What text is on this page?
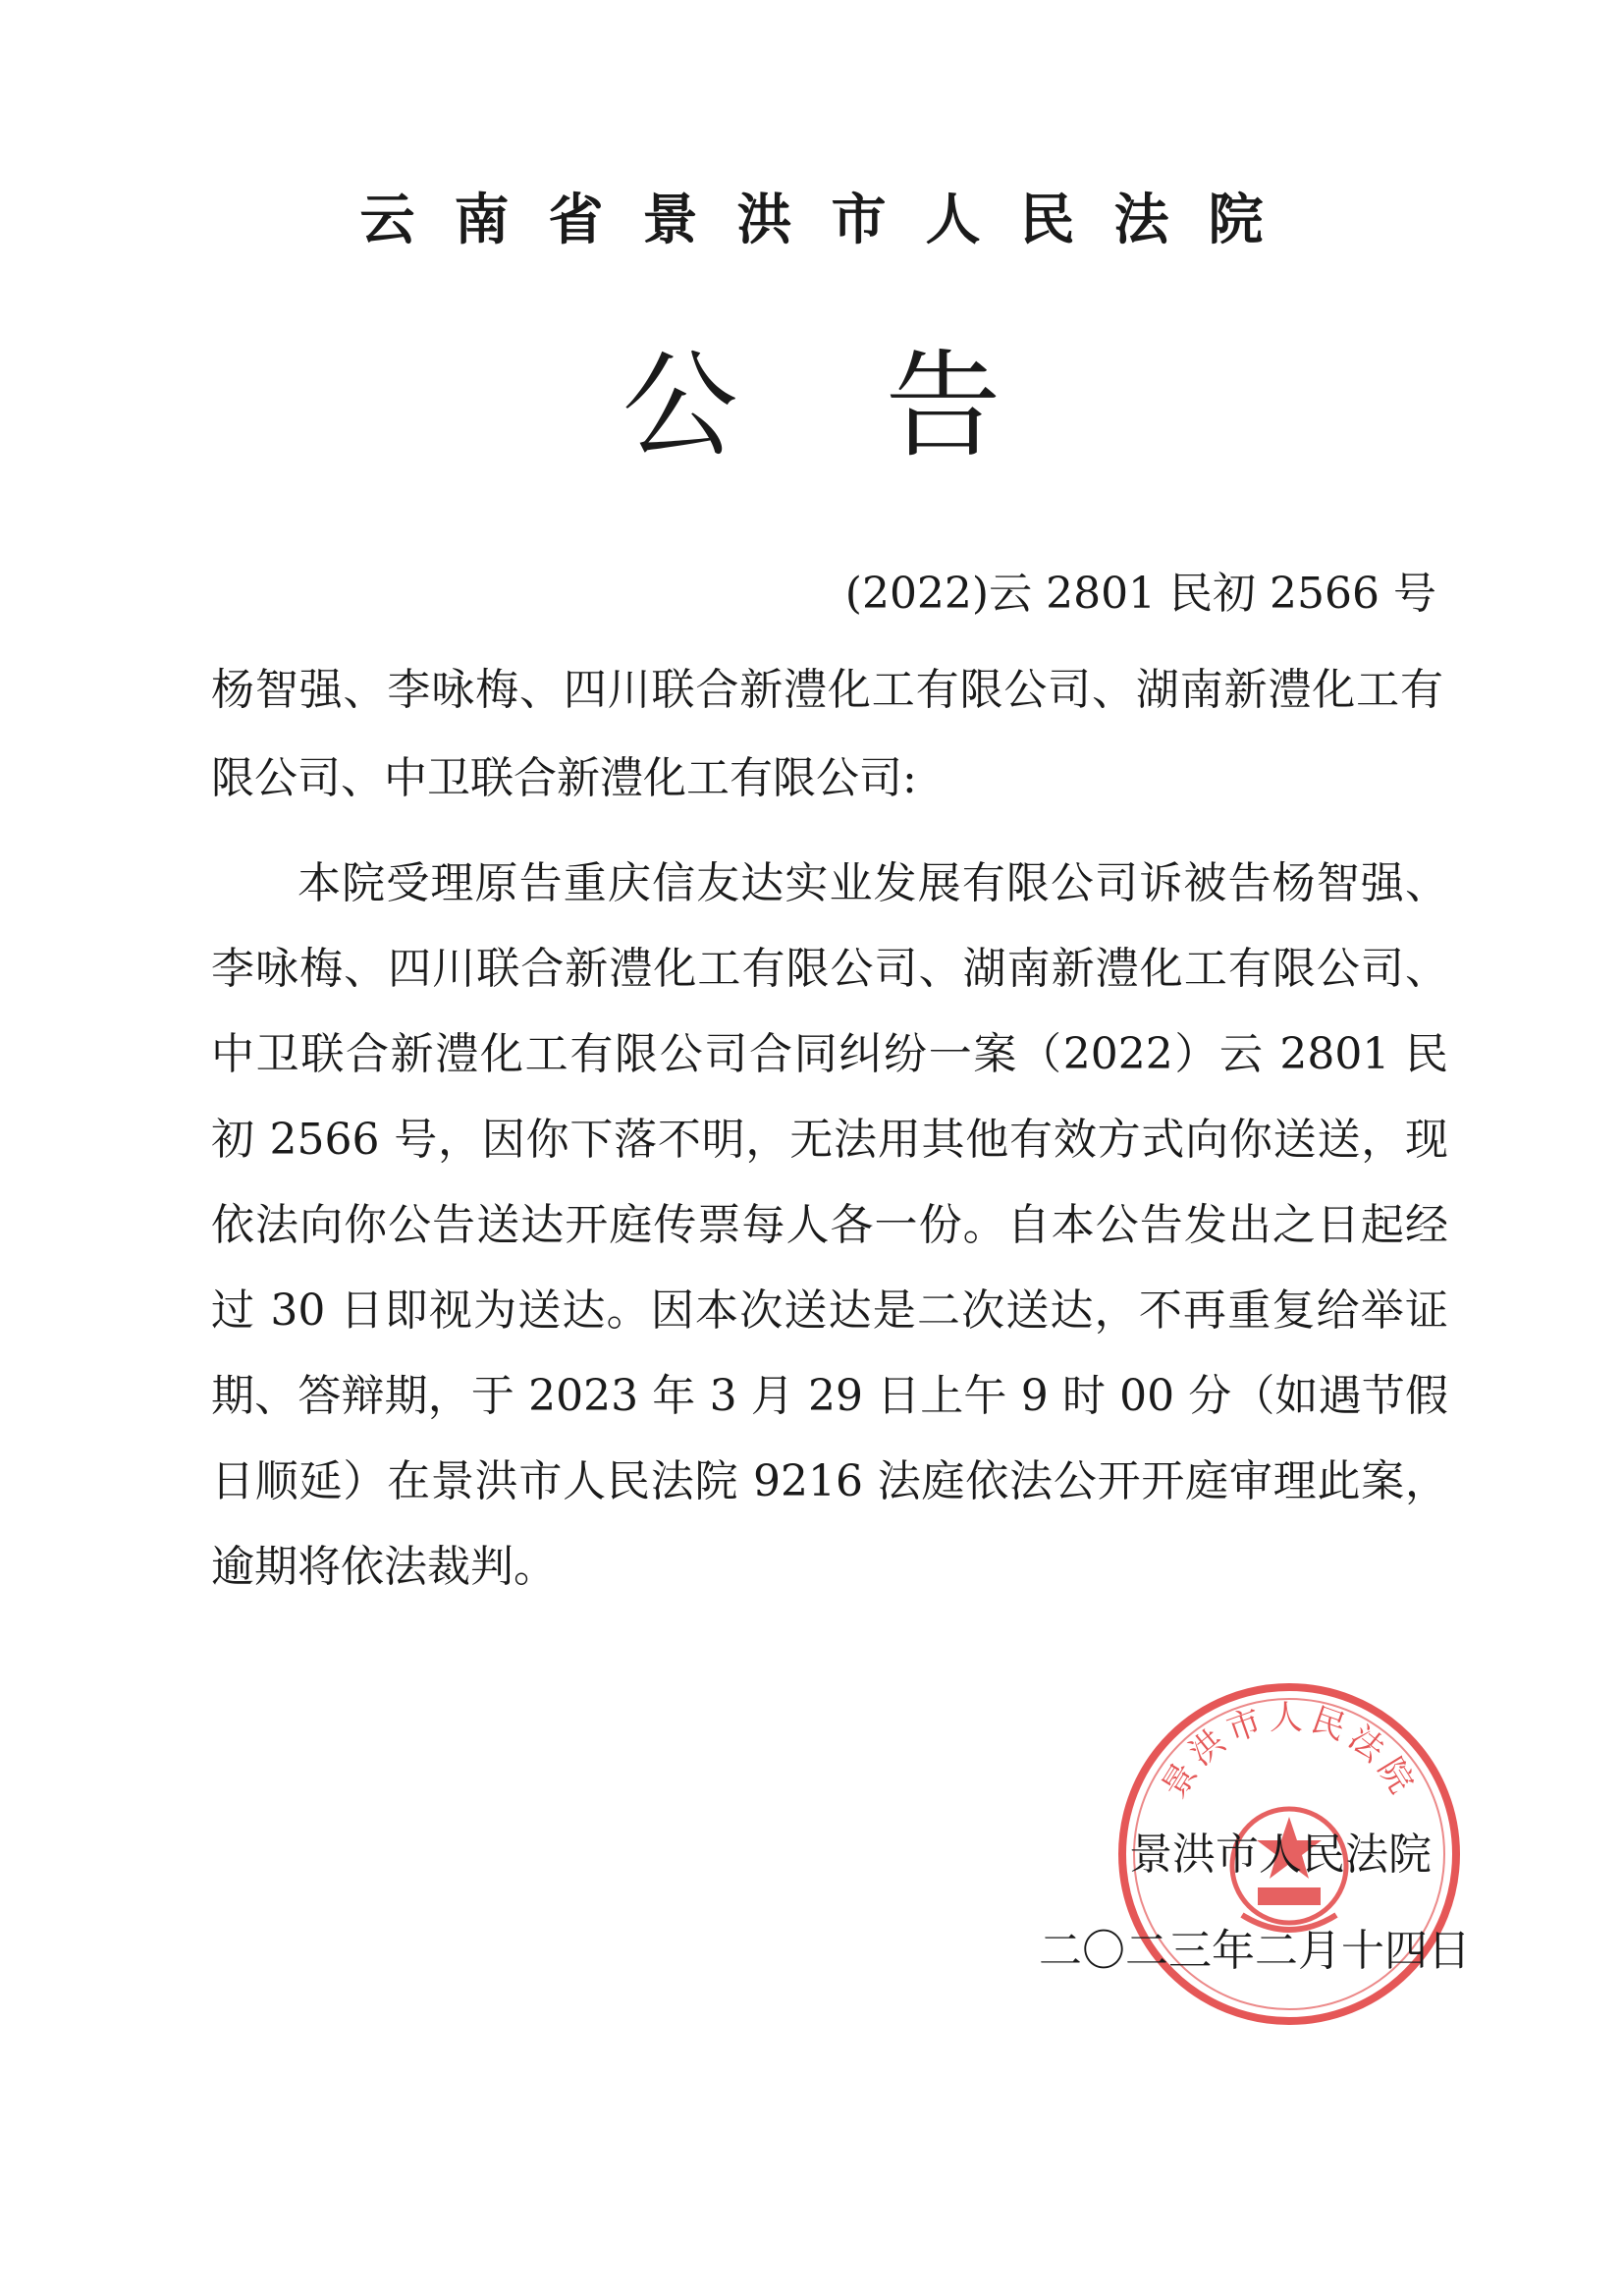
云南省景洪市人民法院
公告
(2022)云 2801 民初 2566 号
杨智强、李咏梅、四川联合新澧化工有限公司、湖南新澧化工有限公司、中卫联合新澧化工有限公司:
本院受理原告重庆信友达实业发展有限公司诉被告杨智强、李咏梅、四川联合新澧化工有限公司、湖南新澧化工有限公司、中卫联合新澧化工有限公司合同纠纷一案（2022）云 2801 民初 2566 号，因你下落不明，无法用其他有效方式向你送送，现依法向你公告送达开庭传票每人各一份。自本公告发出之日起经过 30 日即视为送达。因本次送达是二次送达，不再重复给举证期、答辩期，于 2023 年 3 月 29 日上午 9 时 00 分（如遇节假日顺延）在景洪市人民法院 9216 法庭依法公开开庭审理此案，逾期将依法裁判。
景洪市人民法院
景洪市人民法院
二〇二三年二月十四日
